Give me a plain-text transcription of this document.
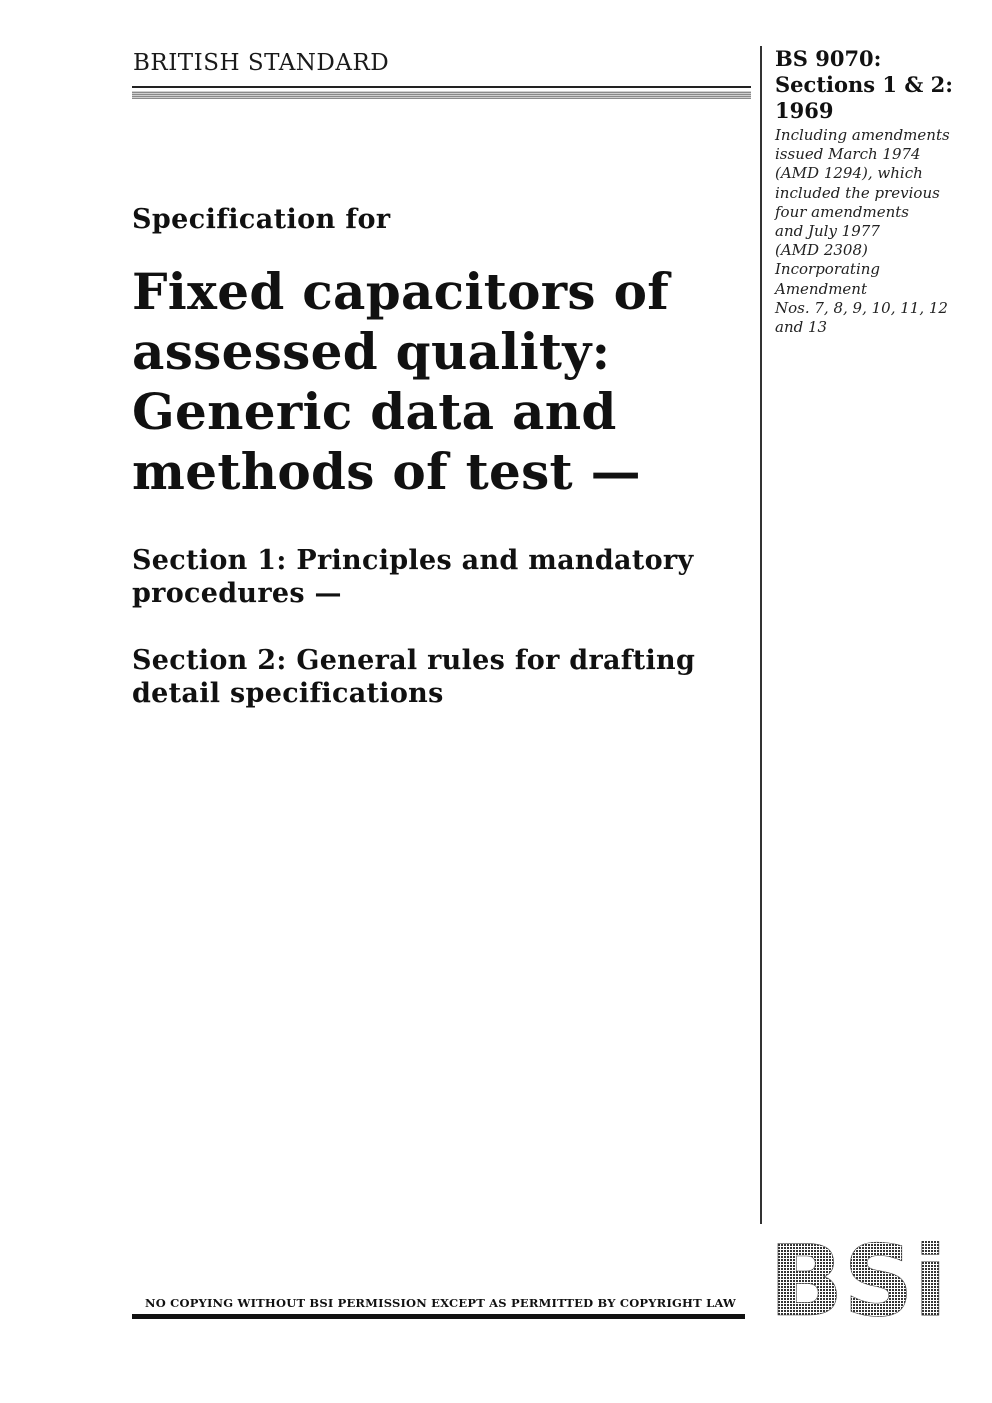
BRITISH STANDARD	BS 9070:
Sections 1 & 2:
1969
Including amendments
issued March 1974
(AMD 1294), which
included the previous
four amendments
and July 1977
(AMD 2308)
Incorporating
Amendment
Nos. 7, 8, 9, 10, 11, 12
and 13
Specification for
Fixed capacitors of
assessed quality:
Generic data and
methods of test —
Section 1: Principles and mandatory
procedures —
Section 2: General rules for drafting
detail specifications
NO COPYING WITHOUT BSI PERMISSION EXCEPT AS PERMITTED BY COPYRIGHT LAW BSi
